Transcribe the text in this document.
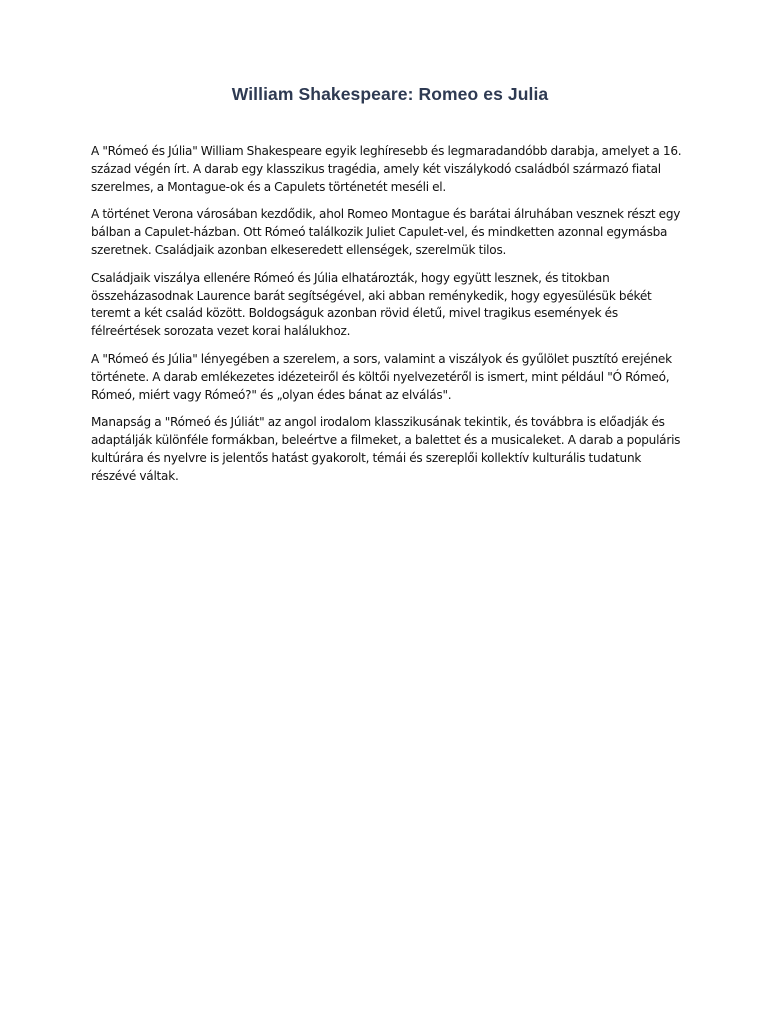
William Shakespeare: Romeo es Julia

A "Rómeó és Júlia" William Shakespeare egyik leghíresebb és legmaradandóbb darabja, amelyet a 16. század végén írt. A darab egy klasszikus tragédia, amely két viszálykodó családból származó fiatal szerelmes, a Montague-ok és a Capulets történetét meséli el.

A történet Verona városában kezdődik, ahol Romeo Montague és barátai álruhában vesznek részt egy bálban a Capulet-házban. Ott Rómeó találkozik Juliet Capulet-vel, és mindketten azonnal egymásba szeretnek. Családjaik azonban elkeseredett ellenségek, szerelmük tilos.

Családjaik viszálya ellenére Rómeó és Júlia elhatározták, hogy együtt lesznek, és titokban összeházasodnak Laurence barát segítségével, aki abban reménykedik, hogy egyesülésük békét teremt a két család között. Boldogságuk azonban rövid életű, mivel tragikus események és félreértések sorozata vezet korai halálukhoz.

A "Rómeó és Júlia" lényegében a szerelem, a sors, valamint a viszályok és gyűlölet pusztító erejének története. A darab emlékezetes idézeteiről és költői nyelvezetéről is ismert, mint például "Ó Rómeó, Rómeó, miért vagy Rómeó?" és „olyan édes bánat az elválás".

Manapság a "Rómeó és Júliát" az angol irodalom klasszikusának tekintik, és továbbra is előadják és adaptálják különféle formákban, beleértve a filmeket, a balettet és a musicaleket. A darab a populáris kultúrára és nyelvre is jelentős hatást gyakorolt, témái és szereplői kollektív kulturális tudatunk részévé váltak.
